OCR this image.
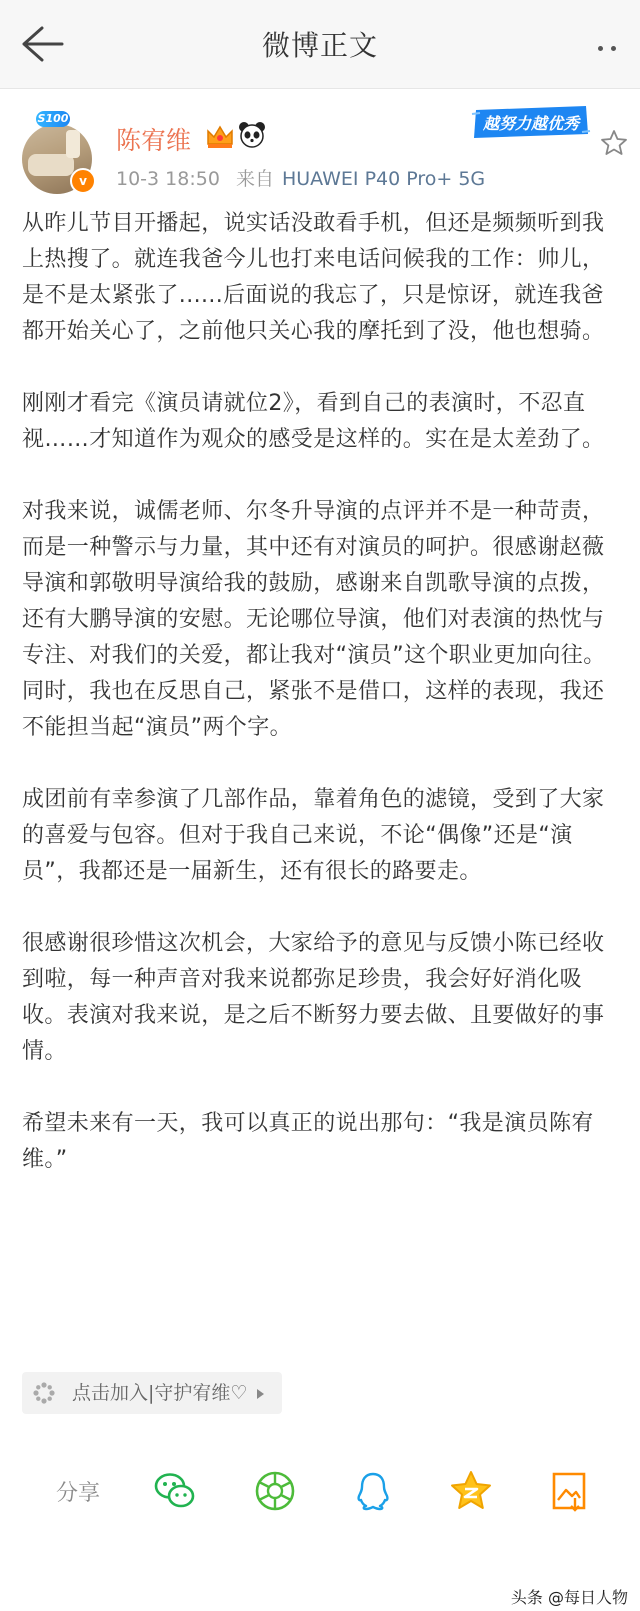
微博正文
S100
v
陈宥维
10-3 18:50 来自 HUAWEI P40 Pro+ 5G
越努力越优秀

从昨儿节目开播起，说实话没敢看手机，但还是频频听到我上热搜了。就连我爸今儿也打来电话问候我的工作：帅儿，是不是太紧张了......后面说的我忘了，只是惊讶，就连我爸都开始关心了，之前他只关心我的摩托到了没，他也想骑。

刚刚才看完《演员请就位2》，看到自己的表演时，不忍直视……才知道作为观众的感受是这样的。实在是太差劲了。

对我来说，诚儒老师、尔冬升导演的点评并不是一种苛责，而是一种警示与力量，其中还有对演员的呵护。很感谢赵薇导演和郭敬明导演给我的鼓励，感谢来自凯歌导演的点拨，还有大鹏导演的安慰。无论哪位导演，他们对表演的热忱与专注、对我们的关爱，都让我对“演员”这个职业更加向往。同时，我也在反思自己，紧张不是借口，这样的表现，我还不能担当起“演员”两个字。

成团前有幸参演了几部作品，靠着角色的滤镜，受到了大家的喜爱与包容。但对于我自己来说，不论“偶像”还是“演员”，我都还是一届新生，还有很长的路要走。

很感谢很珍惜这次机会，大家给予的意见与反馈小陈已经收到啦，每一种声音对我来说都弥足珍贵，我会好好消化吸收。表演对我来说，是之后不断努力要去做、且要做好的事情。

希望未来有一天，我可以真正的说出那句：“我是演员陈宥维。”

点击加入|守护宥维♡
分享
头条 @每日人物
